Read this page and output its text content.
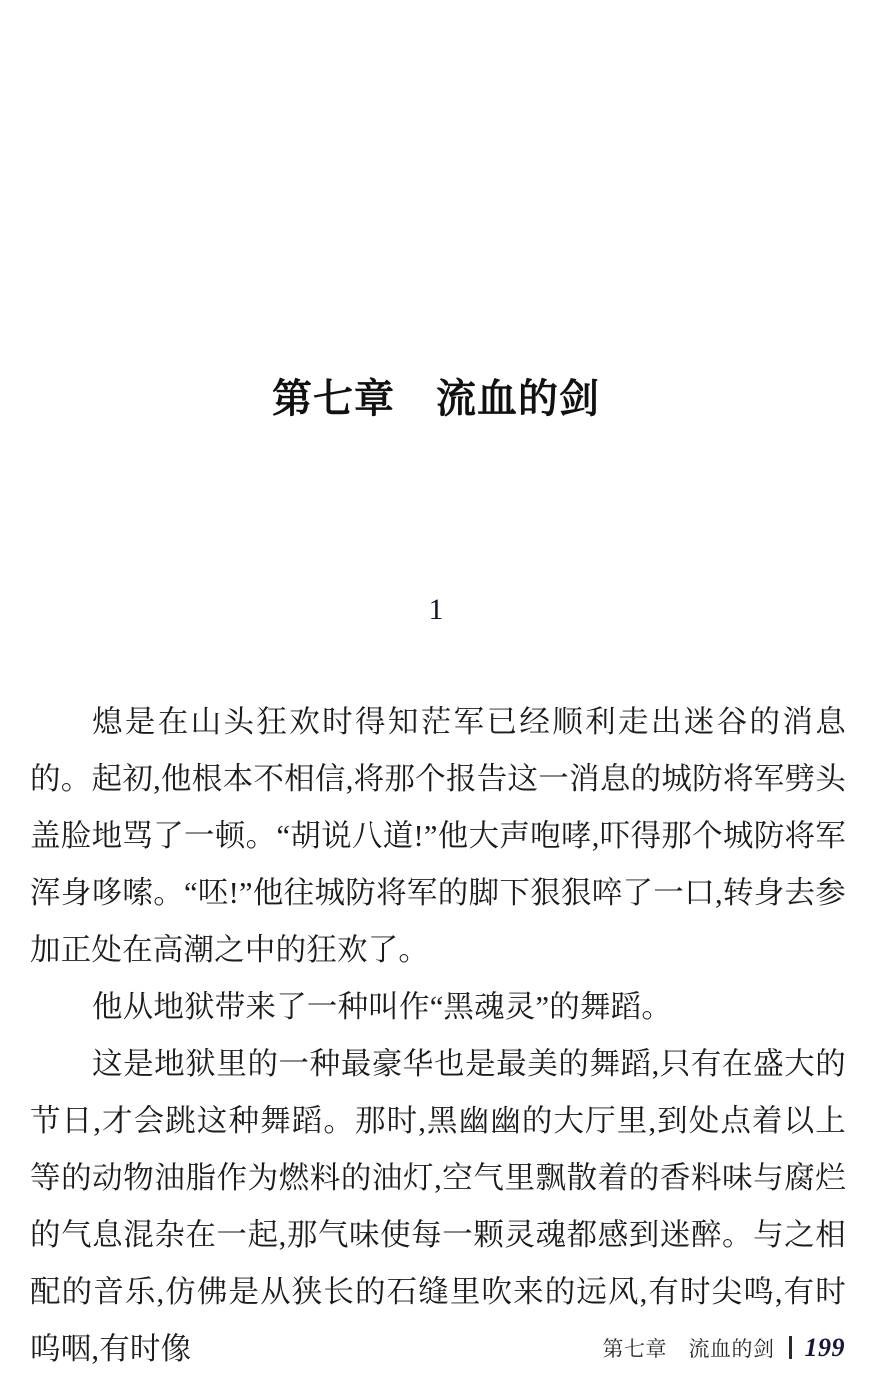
第七章　流血的剑
1

熄是在山头狂欢时得知茫军已经顺利走出迷谷的消息的。起初,他根本不相信,将那个报告这一消息的城防将军劈头盖脸地骂了一顿。“胡说八道!”他大声咆哮,吓得那个城防将军浑身哆嗦。“呸!”他往城防将军的脚下狠狠啐了一口,转身去参加正处在高潮之中的狂欢了。

他从地狱带来了一种叫作“黑魂灵”的舞蹈。

这是地狱里的一种最豪华也是最美的舞蹈,只有在盛大的节日,才会跳这种舞蹈。那时,黑幽幽的大厅里,到处点着以上等的动物油脂作为燃料的油灯,空气里飘散着的香料味与腐烂的气息混杂在一起,那气味使每一颗灵魂都感到迷醉。与之相配的音乐,仿佛是从狭长的石缝里吹来的远风,有时尖鸣,有时呜咽,有时像	第七章　流血的剑 199
